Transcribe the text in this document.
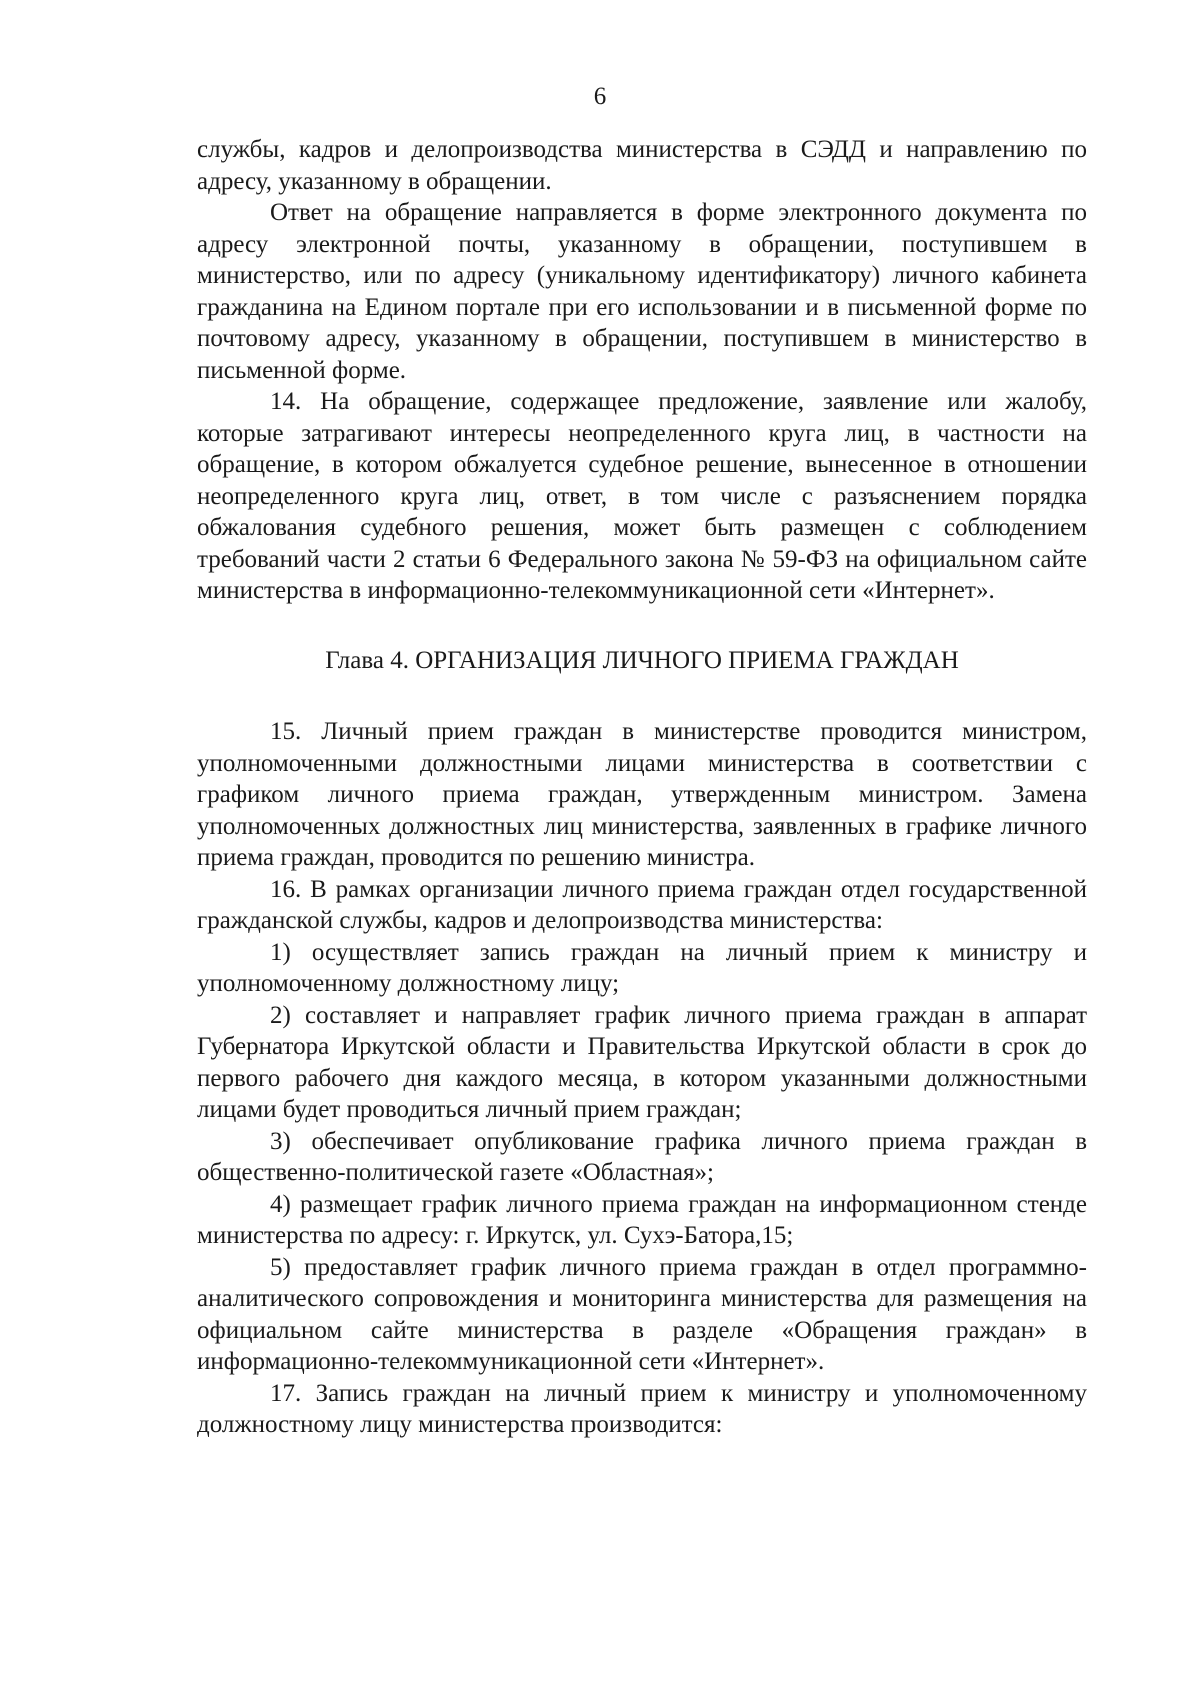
6

службы, кадров и делопроизводства министерства в СЭДД и направлению по адресу, указанному в обращении.

Ответ на обращение направляется в форме электронного документа по адресу электронной почты, указанному в обращении, поступившем в министерство, или по адресу (уникальному идентификатору) личного кабинета гражданина на Едином портале при его использовании и в письменной форме по почтовому адресу, указанному в обращении, поступившем в министерство в письменной форме.

14. На обращение, содержащее предложение, заявление или жалобу, которые затрагивают интересы неопределенного круга лиц, в частности на обращение, в котором обжалуется судебное решение, вынесенное в отношении неопределенного круга лиц, ответ, в том числе с разъяснением порядка обжалования судебного решения, может быть размещен с соблюдением требований части 2 статьи 6 Федерального закона № 59-ФЗ на официальном сайте министерства в информационно-телекоммуникационной сети «Интернет».

Глава 4. ОРГАНИЗАЦИЯ ЛИЧНОГО ПРИЕМА ГРАЖДАН

15. Личный прием граждан в министерстве проводится министром, уполномоченными должностными лицами министерства в соответствии с графиком личного приема граждан, утвержденным министром. Замена уполномоченных должностных лиц министерства, заявленных в графике личного приема граждан, проводится по решению министра.

16. В рамках организации личного приема граждан отдел государственной гражданской службы, кадров и делопроизводства министерства:

1) осуществляет запись граждан на личный прием к министру и уполномоченному должностному лицу;

2) составляет и направляет график личного приема граждан в аппарат Губернатора Иркутской области и Правительства Иркутской области в срок до первого рабочего дня каждого месяца, в котором указанными должностными лицами будет проводиться личный прием граждан;

3) обеспечивает опубликование графика личного приема граждан в общественно-политической газете «Областная»;

4) размещает график личного приема граждан на информационном стенде министерства по адресу: г. Иркутск, ул. Сухэ-Батора,15;

5) предоставляет график личного приема граждан в отдел программно-аналитического сопровождения и мониторинга министерства для размещения на официальном сайте министерства в разделе «Обращения граждан» в информационно-телекоммуникационной сети «Интернет».

17. Запись граждан на личный прием к министру и уполномоченному должностному лицу министерства производится:
